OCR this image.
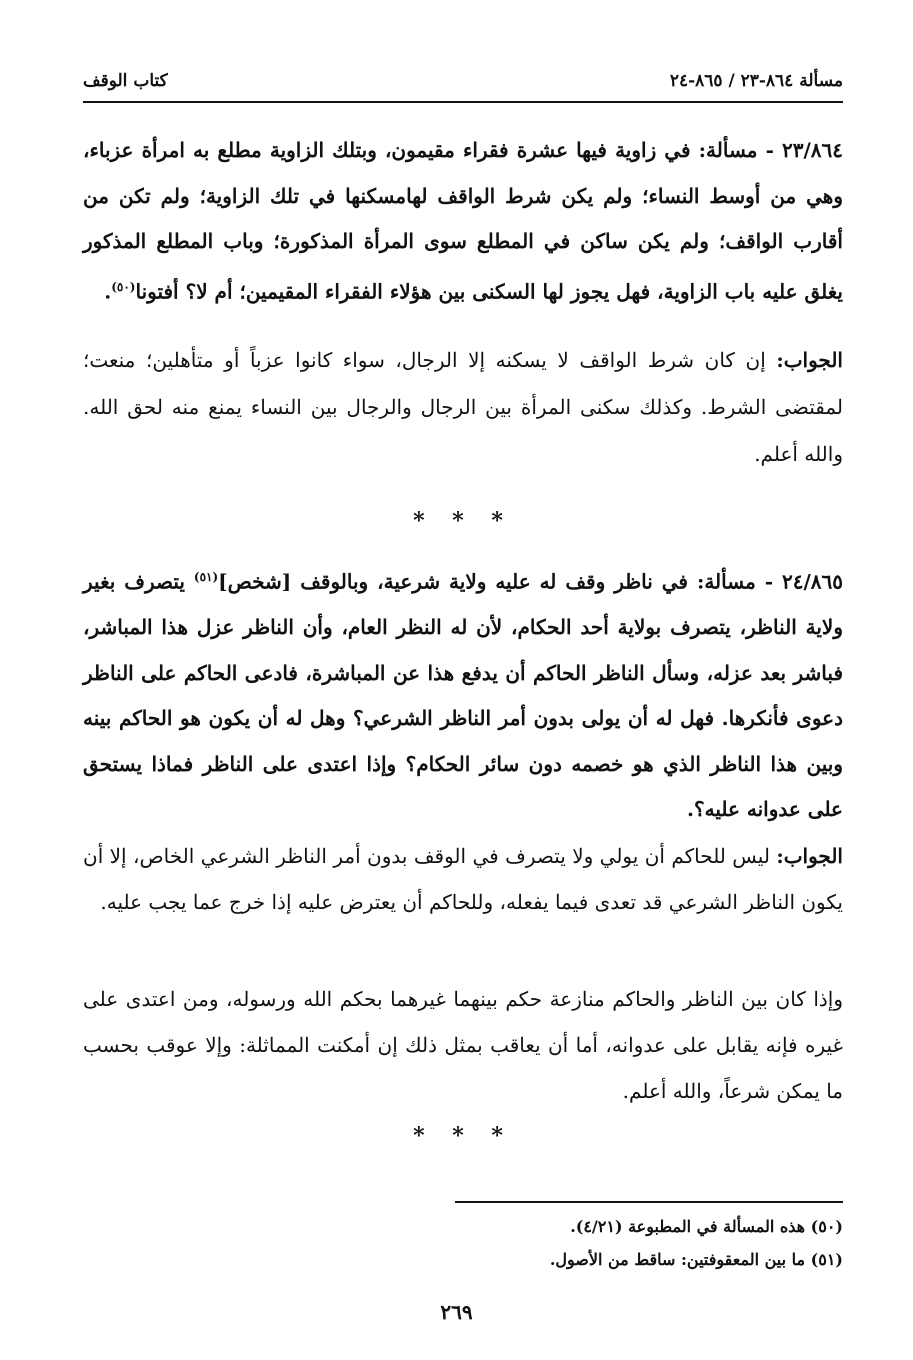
مسألة ٨٦٤-٢٣ / ٨٦٥-٢٤
كتاب الوقف
٢٣/٨٦٤ - مسألة: في زاوية فيها عشرة فقراء مقيمون، وبتلك الزاوية مطلع به امرأة عزباء، وهي من أوسط النساء؛ ولم يكن شرط الواقف لهامسكنها في تلك الزاوية؛ ولم تكن من أقارب الواقف؛ ولم يكن ساكن في المطلع سوى المرأة المذكورة؛ وباب المطلع المذكور يغلق عليه باب الزاوية، فهل يجوز لها السكنى بين هؤلاء الفقراء المقيمين؛ أم لا؟ أفتونا$^{(٥٠)}$.
الجواب: إن كان شرط الواقف لا يسكنه إلا الرجال، سواء كانوا عزباً أو متأهلين؛ منعت؛ لمقتضى الشرط. وكذلك سكنى المرأة بين الرجال والرجال بين النساء يمنع منه لحق الله. والله أعلم.
* * *
٢٤/٨٦٥ - مسألة: في ناظر وقف له عليه ولاية شرعية، وبالوقف [شخص]$^{(٥١)}$ يتصرف بغير ولاية الناظر، يتصرف بولاية أحد الحكام، لأن له النظر العام، وأن الناظر عزل هذا المباشر، فباشر بعد عزله، وسأل الناظر الحاكم أن يدفع هذا عن المباشرة، فادعى الحاكم على الناظر دعوى فأنكرها. فهل له أن يولى بدون أمر الناظر الشرعي؟ وهل له أن يكون هو الحاكم بينه وبين هذا الناظر الذي هو خصمه دون سائر الحكام؟ وإذا اعتدى على الناظر فماذا يستحق على عدوانه عليه؟.
الجواب: ليس للحاكم أن يولي ولا يتصرف في الوقف بدون أمر الناظر الشرعي الخاص، إلا أن يكون الناظر الشرعي قد تعدى فيما يفعله، وللحاكم أن يعترض عليه إذا خرج عما يجب عليه.
وإذا كان بين الناظر والحاكم منازعة حكم بينهما غيرهما بحكم الله ورسوله، ومن اعتدى على غيره فإنه يقابل على عدوانه، أما أن يعاقب بمثل ذلك إن أمكنت المماثلة: وإلا عوقب بحسب ما يمكن شرعاً، والله أعلم.
* * *
(٥٠) هذه المسألة في المطبوعة (٤/٢١).
(٥١) ما بين المعقوفتين: ساقط من الأصول.
٢٦٩
